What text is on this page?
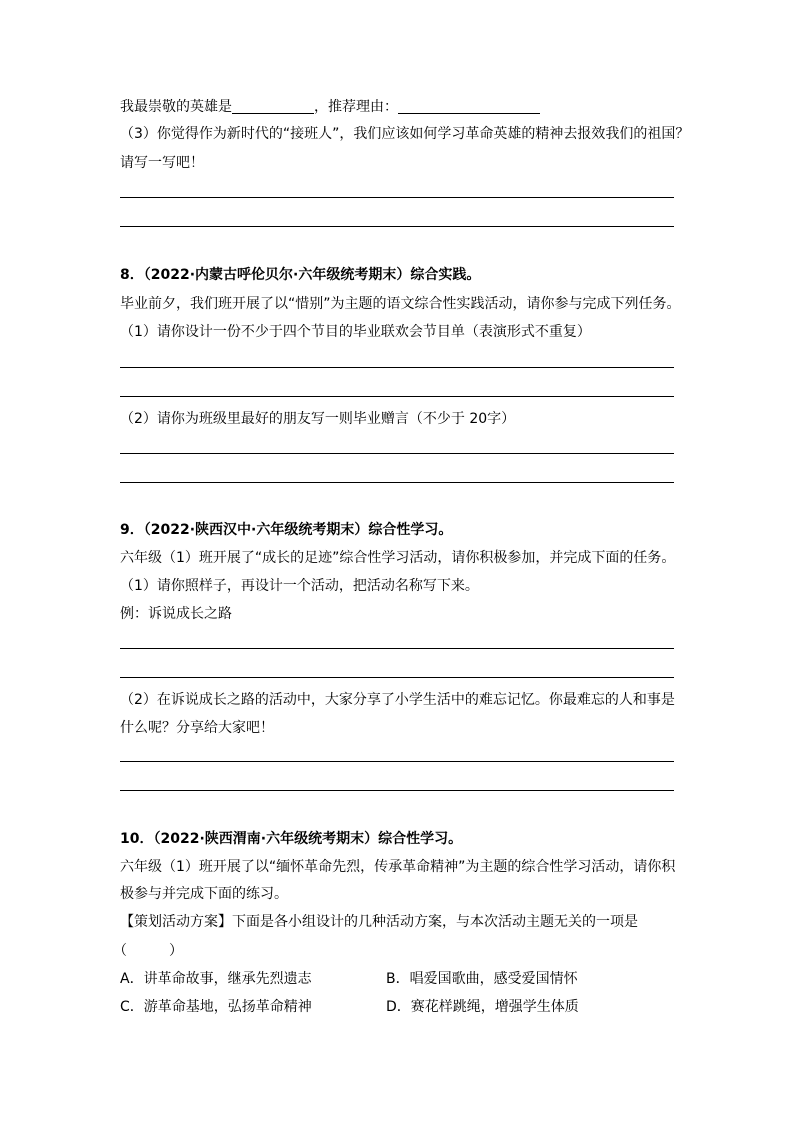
我最崇敬的英雄是	，推荐理由：
（3）你觉得作为新时代的“接班人”，我们应该如何学习革命英雄的精神去报效我们的祖国？
请写一写吧！
8．（2022·内蒙古呼伦贝尔·六年级统考期末）综合实践。
毕业前夕，我们班开展了以“惜别”为主题的语文综合性实践活动，请你参与完成下列任务。
（1）请你设计一份不少于四个节目的毕业联欢会节目单（表演形式不重复）
（2）请你为班级里最好的朋友写一则毕业赠言（不少于 20字）
9．（2022·陕西汉中·六年级统考期末）综合性学习。
六年级（1）班开展了“成长的足迹”综合性学习活动，请你积极参加，并完成下面的任务。
（1）请你照样子，再设计一个活动，把活动名称写下来。
例：诉说成长之路
（2）在诉说成长之路的活动中，大家分享了小学生活中的难忘记忆。你最难忘的人和事是
什么呢？分享给大家吧！
10．（2022·陕西渭南·六年级统考期末）综合性学习。
六年级（1）班开展了以“缅怀革命先烈，传承革命精神”为主题的综合性学习活动，请你积
极参与并完成下面的练习。
【策划活动方案】下面是各小组设计的几种活动方案，与本次活动主题无关的一项是
（　　　）
A．讲革命故事，继承先烈遗志	B．唱爱国歌曲，感受爱国情怀
C．游革命基地，弘扬革命精神	D．赛花样跳绳，增强学生体质
